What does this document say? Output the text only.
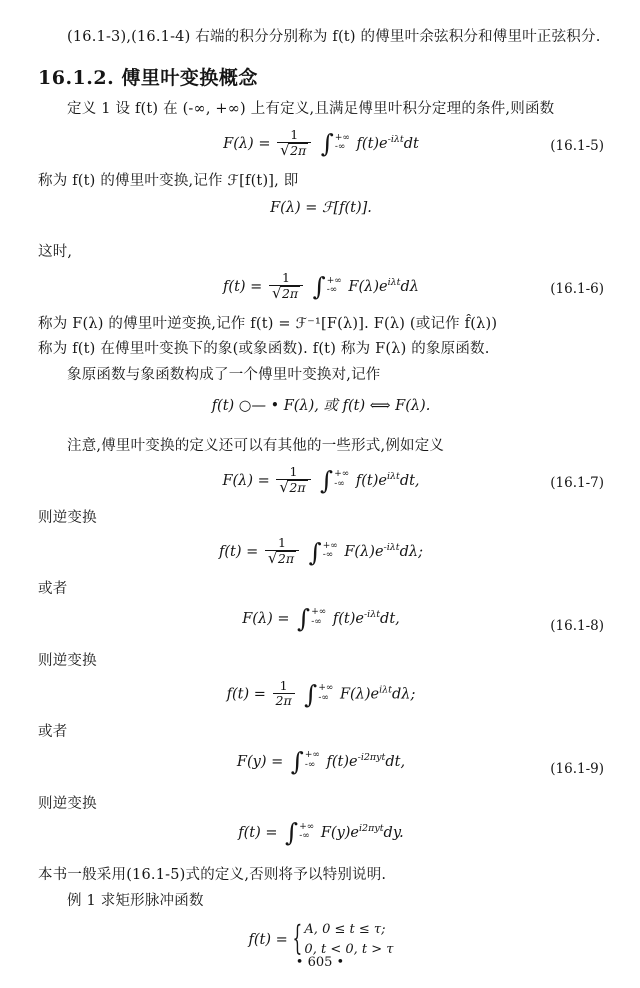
(16.1-3),(16.1-4) 右端的积分分别称为 f(t) 的傅里叶余弦积分和傅里叶正弦积分.

16.1.2. 傅里叶变换概念

定义 1 设 f(t) 在 (-∞, +∞) 上有定义,且满足傅里叶积分定理的条件,则函数

F(λ) = 1
√ 2π ∫ +∞
-∞ $f(t)e^{-i\lambda t}dt$	(16.1-5)

称为 f(t) 的傅里叶变换,记作 ℱ[f(t)], 即

F(λ) = ℱ[f(t)].

这时,

f(t) = 1
√ 2π ∫ +∞
-∞ $F(\lambda)e^{i\lambda t}d\lambda$	(16.1-6)

称为 F(λ) 的傅里叶逆变换,记作 f(t) = ℱ⁻¹[F(λ)]. F(λ) (或记作 f̂(λ))

称为 f(t) 在傅里叶变换下的象(或象函数). f(t) 称为 F(λ) 的象原函数.

象原函数与象函数构成了一个傅里叶变换对,记作

f(t) ○— • F(λ), 或 f(t) ⟺ F(λ).

注意,傅里叶变换的定义还可以有其他的一些形式,例如定义

F(λ) = 1
√ 2π ∫ +∞
-∞ $f(t)e^{i\lambda t}dt$,	(16.1-7)

则逆变换

f(t) = 1
√ 2π ∫ +∞
-∞ $F(\lambda)e^{-i\lambda t}d\lambda$;

或者

F(λ) = ∫ +∞
-∞ $f(t)e^{-i\lambda t}dt$,	(16.1-8)

则逆变换

$f(t) = \frac{1}{2\pi}$ ∫ +∞
-∞ $F(\lambda)e^{i\lambda t}d\lambda$;

或者

F(y) = ∫ +∞
-∞ $f(t)e^{-i2\pi yt}dt$,	(16.1-9)

则逆变换

f(t) = ∫ +∞
-∞ $F(y)e^{i2\pi yt}dy$.

本书一般采用(16.1-5)式的定义,否则将予以特别说明.

例 1 求矩形脉冲函数

f(t) =
{ A, 0 ≤ t ≤ τ;
0, t < 0, t > τ
• 605 •
